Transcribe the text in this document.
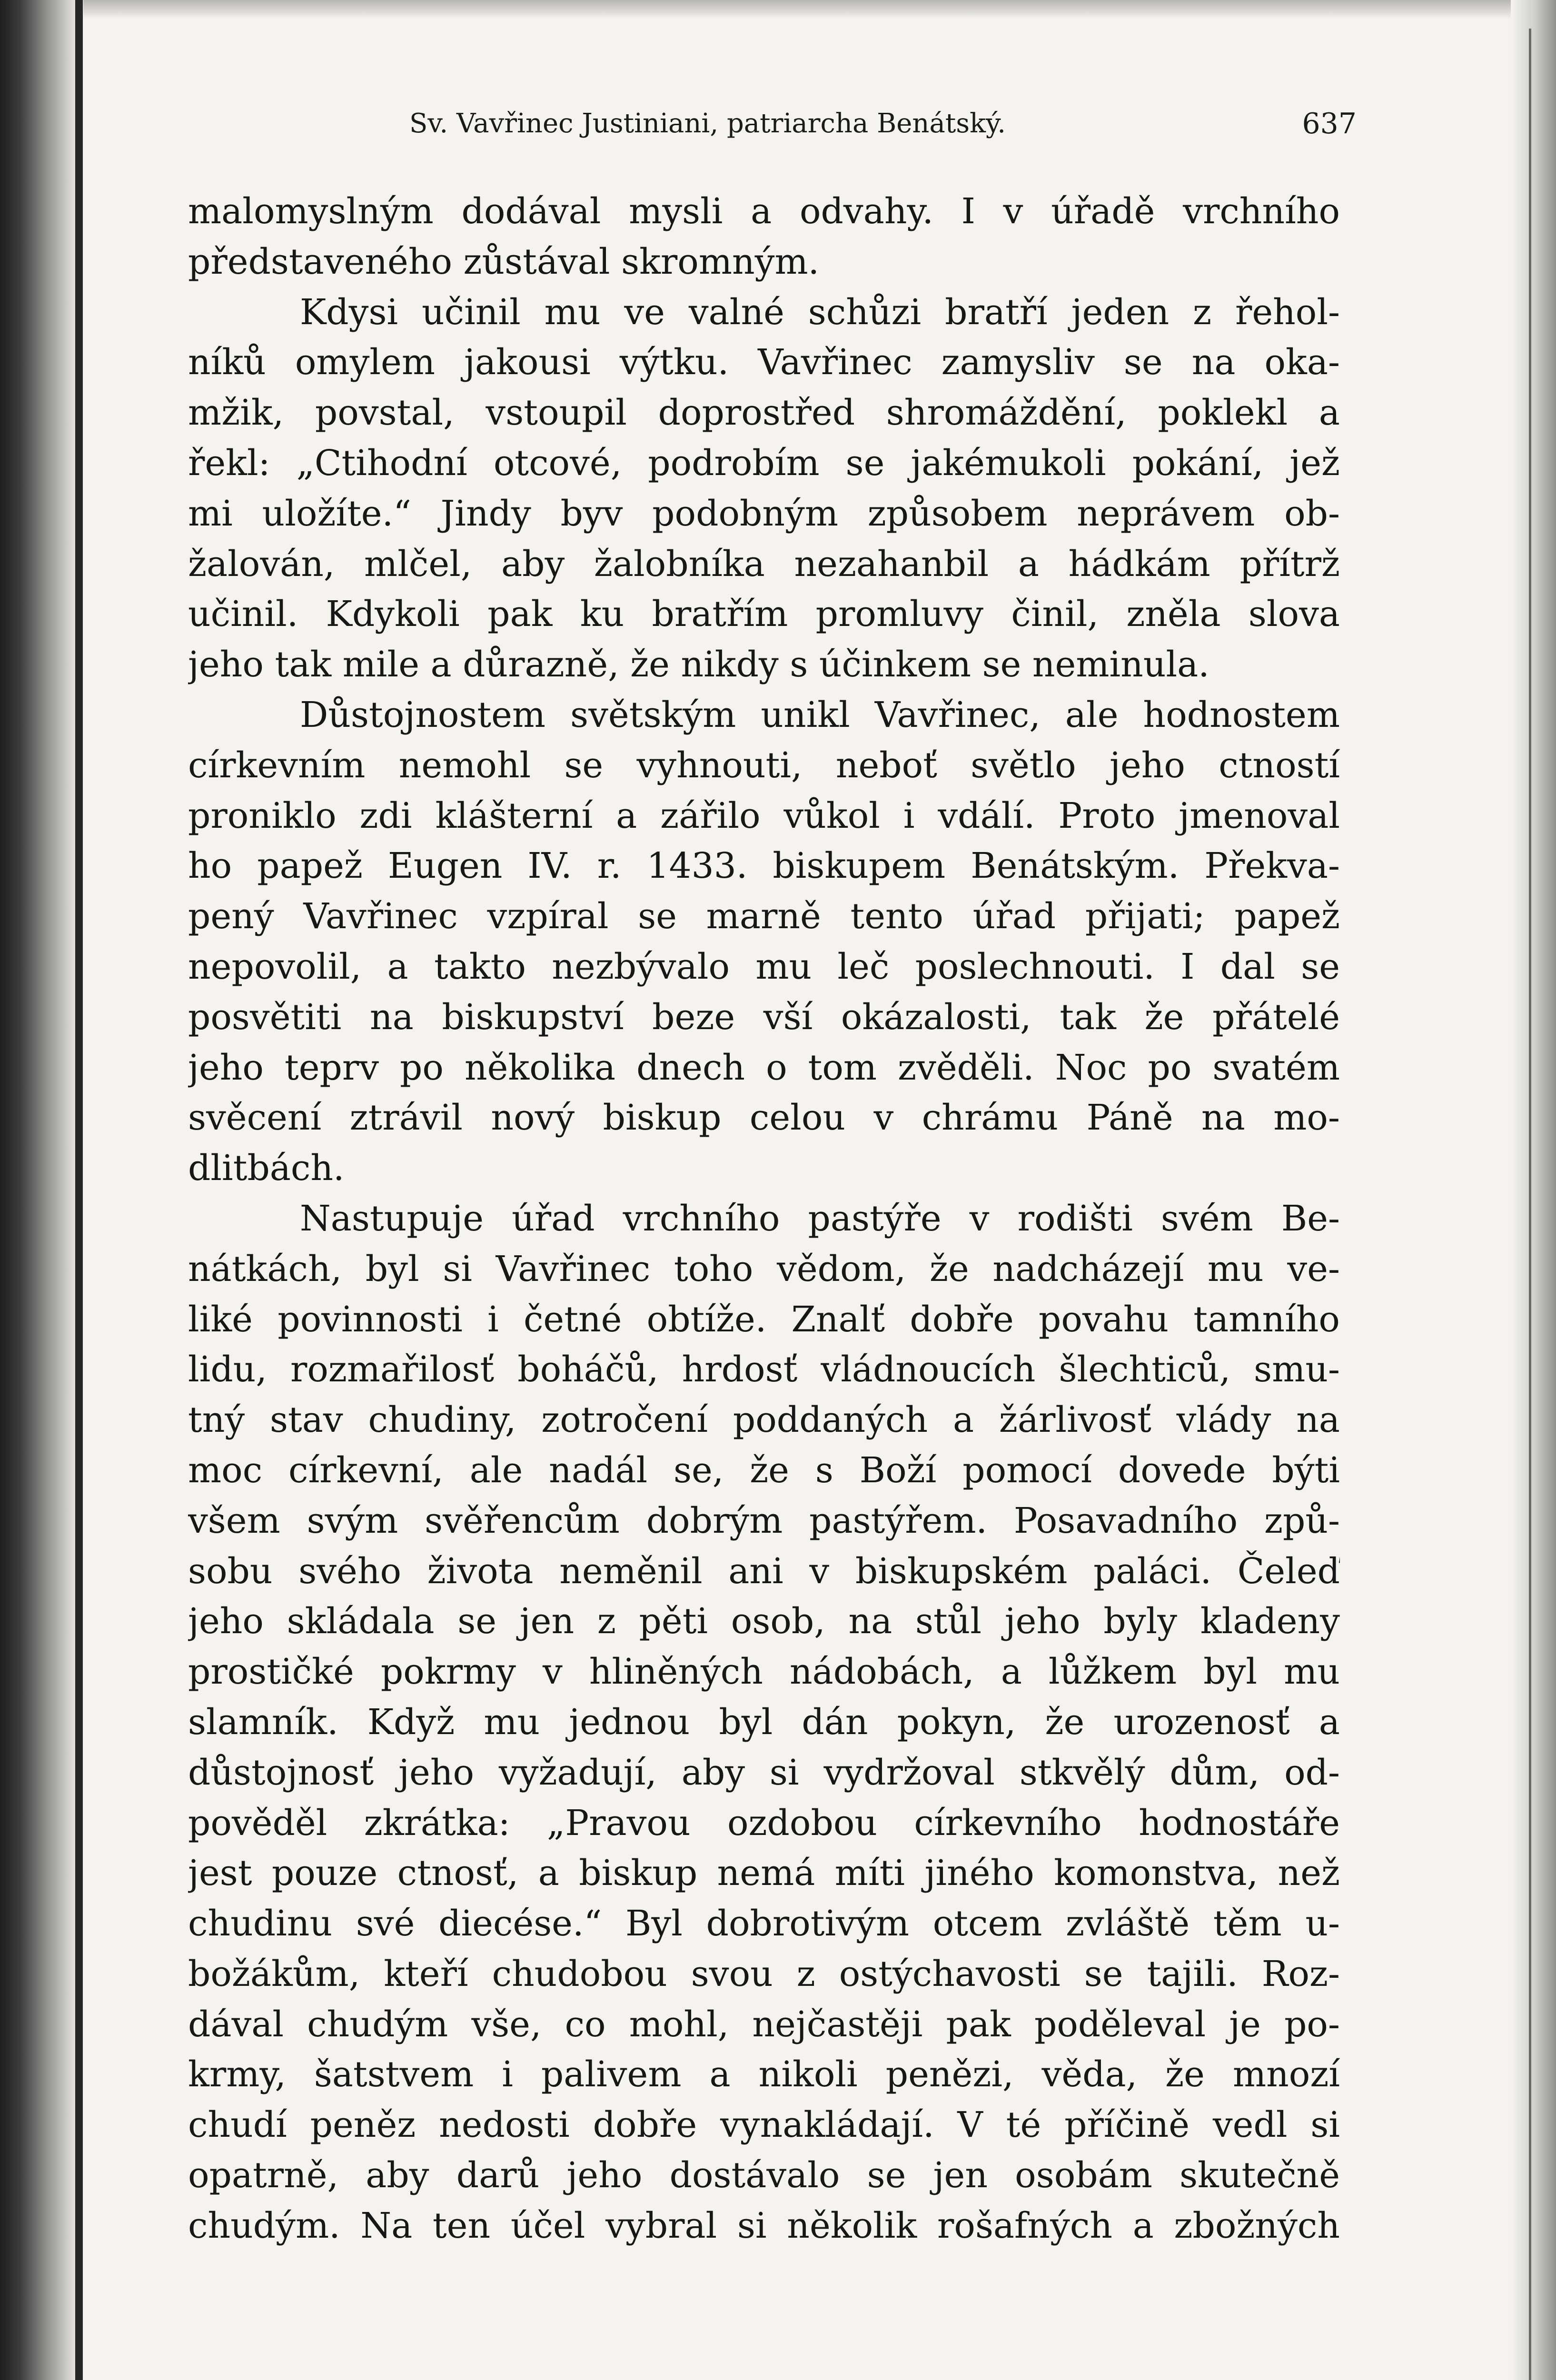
Sv. Vavřinec Justiniani, patriarcha Benátský.	637
malomyslným dodával mysli a odvahy. I v úřadě vrchního
představeného zůstával skromným.
Kdysi učinil mu ve valné schůzi bratří jeden z řehol-
níků omylem jakousi výtku. Vavřinec zamysliv se na oka-
mžik, povstal, vstoupil doprostřed shromáždění, poklekl a
řekl: „Ctihodní otcové, podrobím se jakémukoli pokání, jež
mi uložíte.“ Jindy byv podobným způsobem neprávem ob-
žalován, mlčel, aby žalobníka nezahanbil a hádkám přítrž
učinil. Kdykoli pak ku bratřím promluvy činil, zněla slova
jeho tak mile a důrazně, že nikdy s účinkem se neminula.
Důstojnostem světským unikl Vavřinec, ale hodnostem
církevním nemohl se vyhnouti, neboť světlo jeho ctností
proniklo zdi klášterní a zářilo vůkol i vdálí. Proto jmenoval
ho papež Eugen IV. r. 1433. biskupem Benátským. Překva-
pený Vavřinec vzpíral se marně tento úřad přijati; papež
nepovolil, a takto nezbývalo mu leč poslechnouti. I dal se
posvětiti na biskupství beze vší okázalosti, tak že přátelé
jeho teprv po několika dnech o tom zvěděli. Noc po svatém
svěcení ztrávil nový biskup celou v chrámu Páně na mo-
dlitbách.
Nastupuje úřad vrchního pastýře v rodišti svém Be-
nátkách, byl si Vavřinec toho vědom, že nadcházejí mu ve-
liké povinnosti i četné obtíže. Znalť dobře povahu tamního
lidu, rozmařilosť boháčů, hrdosť vládnoucích šlechticů, smu-
tný stav chudiny, zotročení poddaných a žárlivosť vlády na
moc církevní, ale nadál se, že s Boží pomocí dovede býti
všem svým svěřencům dobrým pastýřem. Posavadního způ-
sobu svého života neměnil ani v biskupském paláci. Čeleď
jeho skládala se jen z pěti osob, na stůl jeho byly kladeny
prostičké pokrmy v hliněných nádobách, a lůžkem byl mu
slamník. Když mu jednou byl dán pokyn, že urozenosť a
důstojnosť jeho vyžadují, aby si vydržoval stkvělý dům, od-
pověděl zkrátka: „Pravou ozdobou církevního hodnostáře
jest pouze ctnosť, a biskup nemá míti jiného komonstva, než
chudinu své diecése.“ Byl dobrotivým otcem zvláště těm u-
božákům, kteří chudobou svou z ostýchavosti se tajili. Roz-
dával chudým vše, co mohl, nejčastěji pak poděleval je po-
krmy, šatstvem i palivem a nikoli penězi, věda, že mnozí
chudí peněz nedosti dobře vynakládají. V té příčině vedl si
opatrně, aby darů jeho dostávalo se jen osobám skutečně
chudým. Na ten účel vybral si několik rošafných a zbožných
